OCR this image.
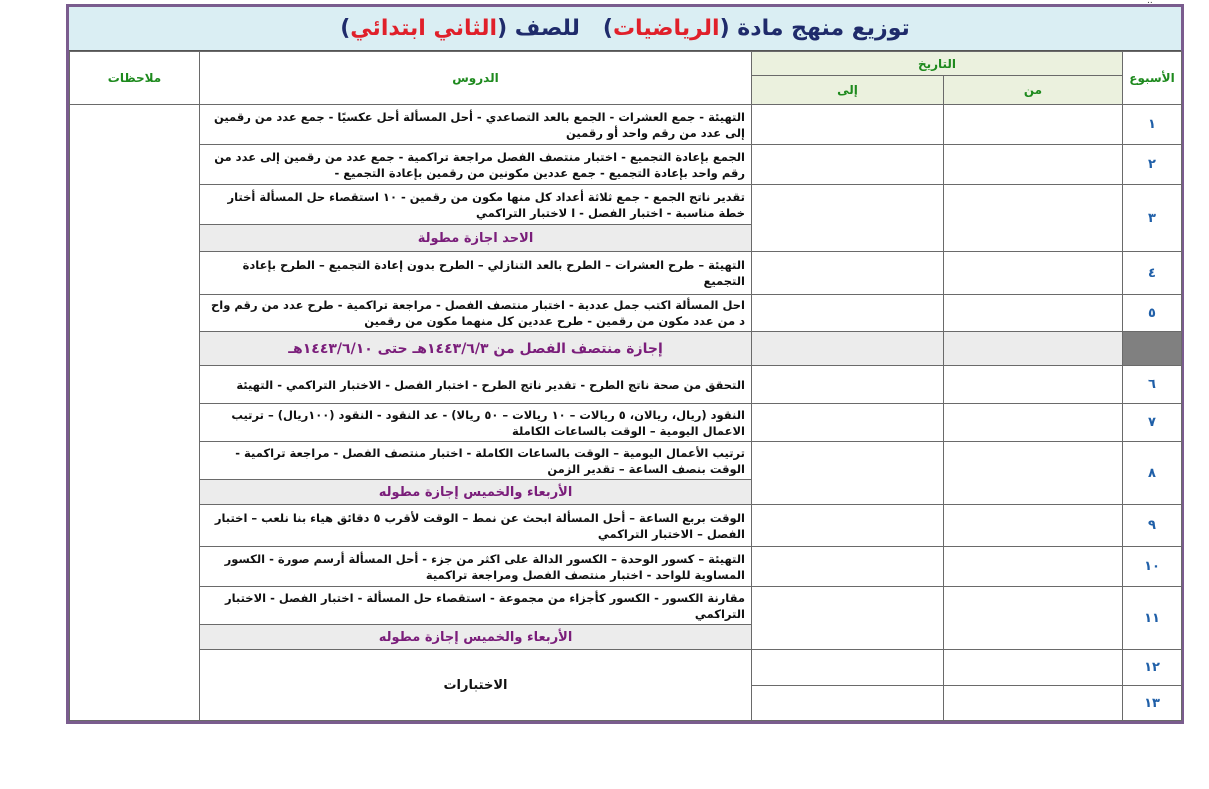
..
توزيع منهج مادة (
الرياضيات
)   للصف (
الثاني ابتدائي
)
الأسبوع	التاريخ		الدروس	ملاحظات
	من	إلى		
١			التهيئة - جمع العشرات - الجمع بالعد التصاعدي - أحل المسألة أحل عكسيًا - جمع عدد من رقمين إلى عدد من رقم واحد أو رقمين	
٢			الجمع بإعادة التجميع - اختبار منتصف الفصل مراجعة تراكمية - جمع عدد من رقمين إلى عدد من رقم واحد بإعادة التجميع - جمع عددين مكونين من رقمين بإعادة التجميع -	
٣			تقدير ناتج الجمع - جمع ثلاثة أعداد كل منها مكون من رقمين - ١٠ استقصاء حل المسألة أختار خطة مناسبة - اختبار الفصل - ا لاختبار التراكمي	
			الاحد اجازة مطولة	
٤			التهيئة – طرح العشرات – الطرح بالعد التنازلي – الطرح بدون إعادة التجميع – الطرح بإعادة التجميع	
٥			احل المسألة اكتب جمل عددية - اختبار منتصف الفصل - مراجعة تراكمية - طرح عدد من رقم واح د من عدد مكون من رقمين - طرح عددين كل منهما مكون من رقمين	
			إجازة منتصف الفصل من ١٤٤٣/٦/٣هـ حتى ١٤٤٣/٦/١٠هـ	
٦			التحقق من صحة ناتج الطرح - تقدير ناتج الطرح - اختبار الفصل - الاختبار التراكمي - التهيئة	
٧			النقود (ريال، ريالان، ٥ ريالات – ١٠ ريالات – ٥٠ ريالا) - عد النقود - النقود (١٠٠ريال) – ترتيب الاعمال اليومية – الوقت بالساعات الكاملة	
٨			ترتيب الأعمال اليومية – الوقت بالساعات الكاملة - اختبار منتصف الفصل - مراجعة تراكمية - الوقت بنصف الساعة – تقدير الزمن	
			الأربعاء والخميس إجازة مطوله	
٩			الوقت بربع الساعة – أحل المسألة ابحث عن نمط – الوقت لأقرب ٥ دقائق هياء بنا نلعب – اختبار الفصل – الاختبار التراكمي	
١٠			التهيئة – كسور الوحدة – الكسور الدالة على اكثر من جزء - أحل المسألة أرسم صورة - الكسور المساوية للواحد - اختبار منتصف الفصل ومراجعة تراكمية	
١١			مقارنة الكسور - الكسور كأجزاء من مجموعة - استقصاء حل المسألة - اختبار الفصل - الاختبار التراكمي	
			الأربعاء والخميس إجازة مطوله	
١٢			الاختبارات	
١٣				
